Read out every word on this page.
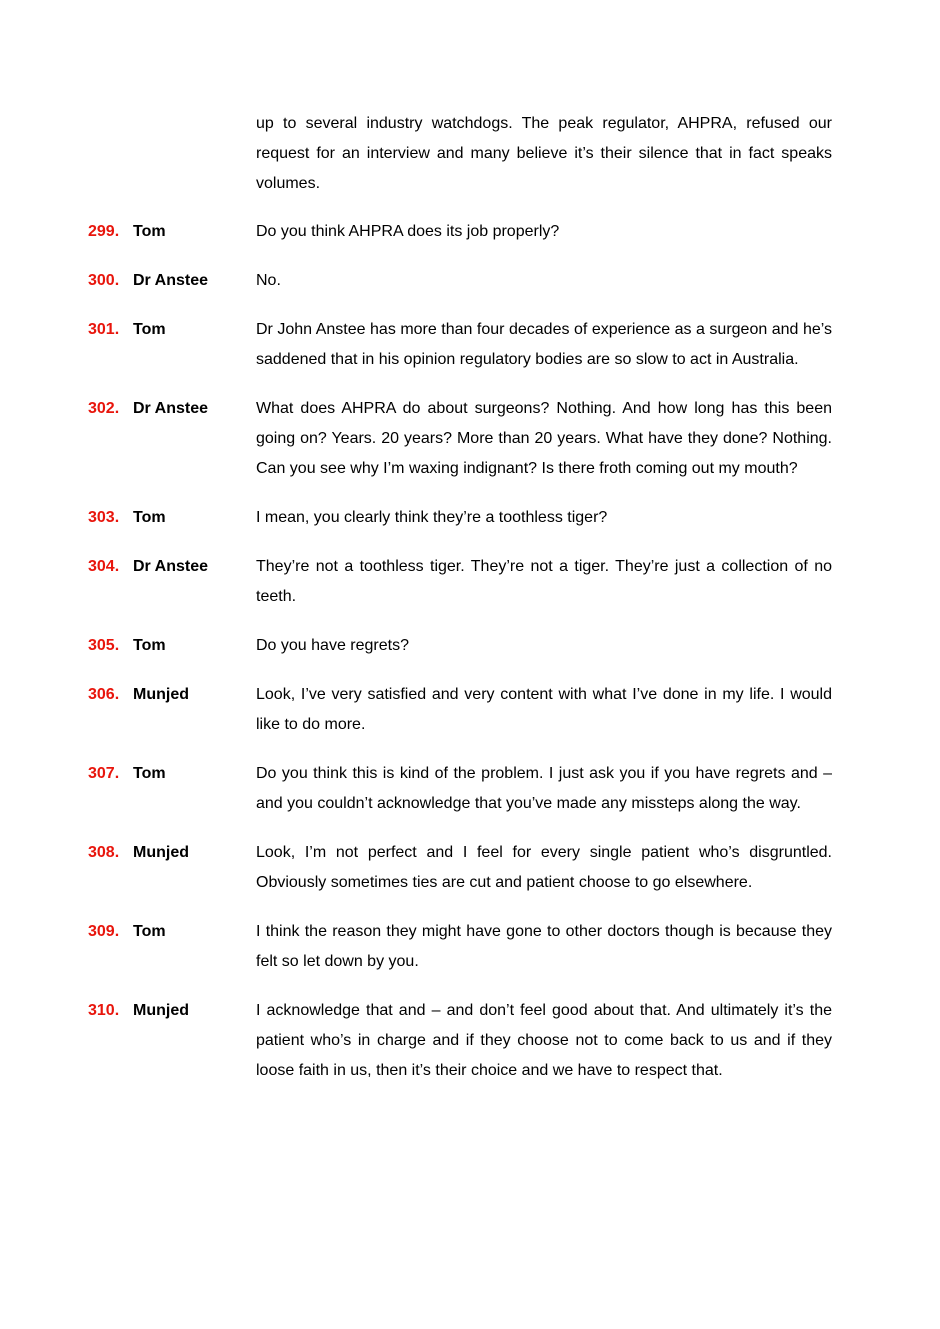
up to several industry watchdogs. The peak regulator, AHPRA, refused our request for an interview and many believe it’s their silence that in fact speaks volumes.
299. Tom	Do you think AHPRA does its job properly?
300. Dr Anstee	No.
301. Tom	Dr John Anstee has more than four decades of experience as a surgeon and he’s saddened that in his opinion regulatory bodies are so slow to act in Australia.
302. Dr Anstee	What does AHPRA do about surgeons? Nothing. And how long has this been going on? Years. 20 years? More than 20 years. What have they done? Nothing. Can you see why I’m waxing indignant? Is there froth coming out my mouth?
303. Tom	I mean, you clearly think they’re a toothless tiger?
304. Dr Anstee	They’re not a toothless tiger. They’re not a tiger. They’re just a collection of no teeth.
305. Tom	Do you have regrets?
306. Munjed	Look, I’ve very satisfied and very content with what I’ve done in my life. I would like to do more.
307. Tom	Do you think this is kind of the problem. I just ask you if you have regrets and – and you couldn’t acknowledge that you’ve made any missteps along the way.
308. Munjed	Look, I’m not perfect and I feel for every single patient who’s disgruntled. Obviously sometimes ties are cut and patient choose to go elsewhere.
309. Tom	I think the reason they might have gone to other doctors though is because they felt so let down by you.
310. Munjed	I acknowledge that and – and don’t feel good about that. And ultimately it’s the patient who’s in charge and if they choose not to come back to us and if they loose faith in us, then it’s their choice and we have to respect that.
